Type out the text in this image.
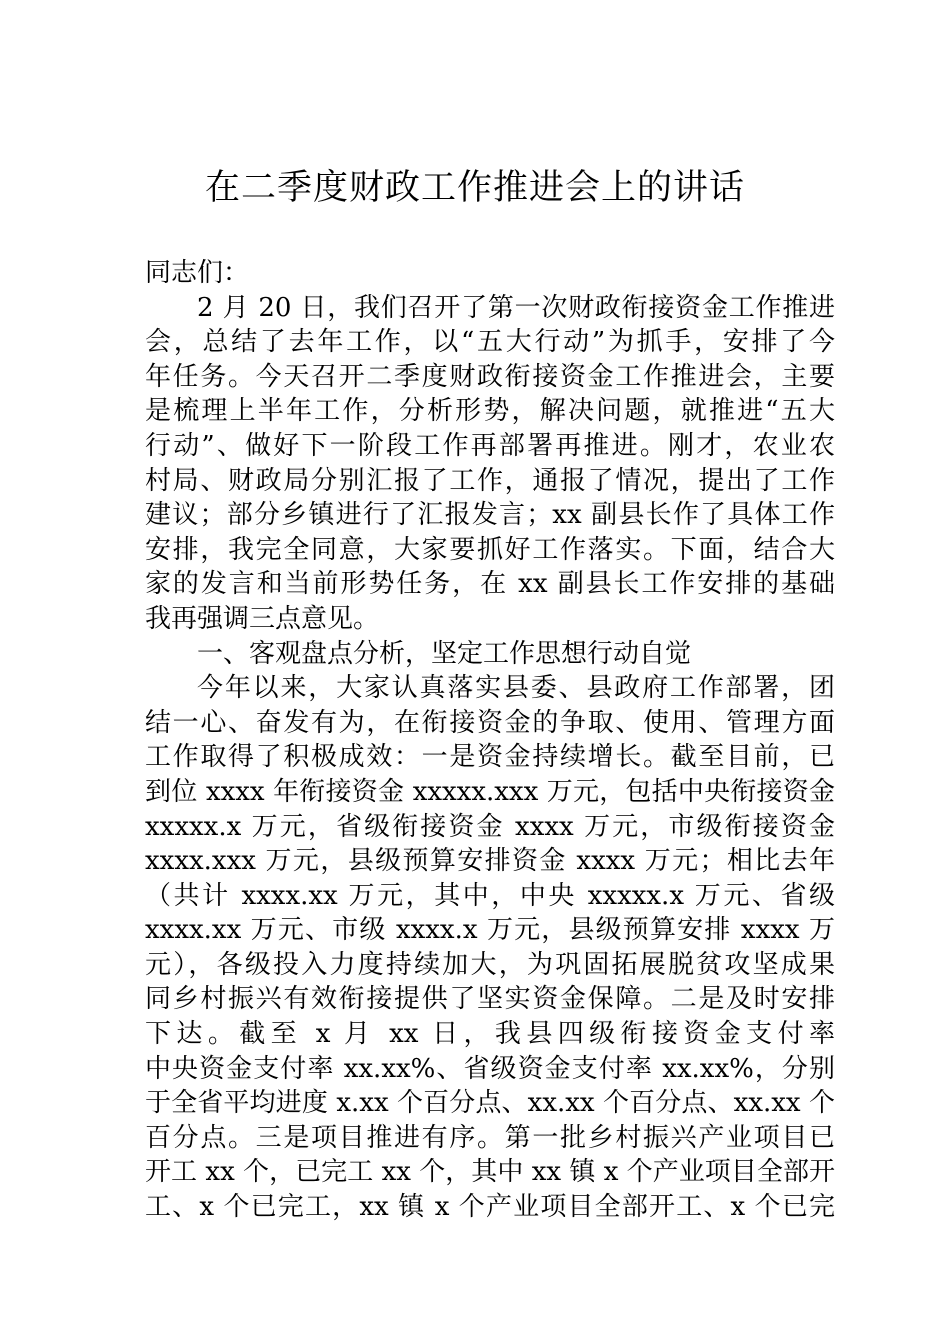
在二季度财政工作推进会上的讲话
同志们：
2 月 20 日，我们召开了第一次财政衔接资金工作推进
会，总结了去年工作，以“五大行动”为抓手，安排了今
年任务。今天召开二季度财政衔接资金工作推进会，主要
是梳理上半年工作，分析形势，解决问题，就推进“五大
行动”、做好下一阶段工作再部署再推进。刚才，农业农
村局、财政局分别汇报了工作，通报了情况，提出了工作
建议；部分乡镇进行了汇报发言；xx 副县长作了具体工作
安排，我完全同意，大家要抓好工作落实。下面，结合大
家的发言和当前形势任务，在 xx 副县长工作安排的基础
我再强调三点意见。
一、客观盘点分析，坚定工作思想行动自觉
今年以来，大家认真落实县委、县政府工作部署，团
结一心、奋发有为，在衔接资金的争取、使用、管理方面
工作取得了积极成效：一是资金持续增长。截至目前，已
到位 xxxx 年衔接资金 xxxxx.xxx 万元，包括中央衔接资金
xxxxx.x 万元，省级衔接资金 xxxx 万元，市级衔接资金
xxxx.xxx 万元，县级预算安排资金 xxxx 万元；相比去年
（共计 xxxx.xx 万元，其中，中央 xxxxx.x 万元、省级
xxxx.xx 万元、市级 xxxx.x 万元，县级预算安排 xxxx 万
元），各级投入力度持续加大，为巩固拓展脱贫攻坚成果
同乡村振兴有效衔接提供了坚实资金保障。二是及时安排
下达。截至 x 月 xx 日，我县四级衔接资金支付率
中央资金支付率 xx.xx%、省级资金支付率 xx.xx%，分别
于全省平均进度 x.xx 个百分点、xx.xx 个百分点、xx.xx 个
百分点。三是项目推进有序。第一批乡村振兴产业项目已
开工 xx 个，已完工 xx 个，其中 xx 镇 x 个产业项目全部开
工、x 个已完工，xx 镇 x 个产业项目全部开工、x 个已完
